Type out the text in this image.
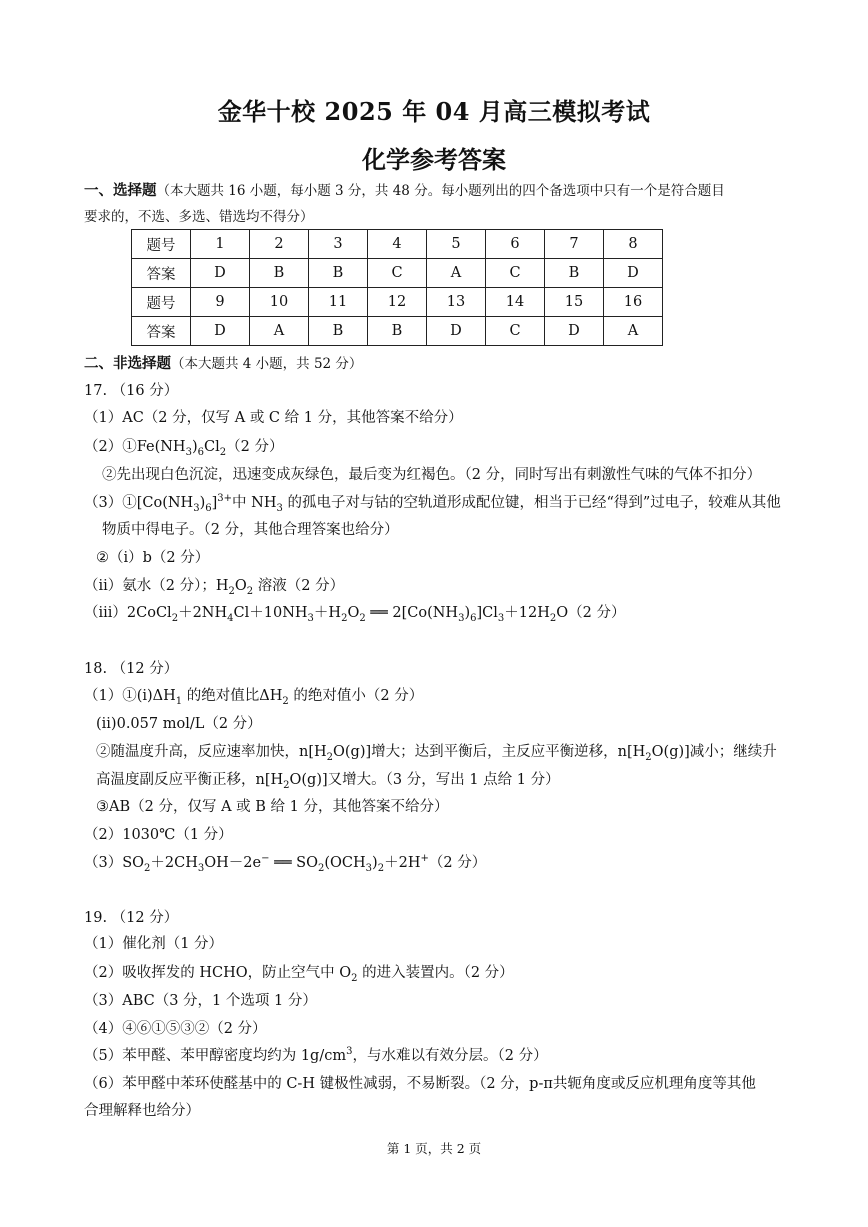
金华十校 2025 年 04 月高三模拟考试
化学参考答案
一、选择题（本大题共 16 小题，每小题 3 分，共 48 分。每小题列出的四个备选项中只有一个是符合题目
要求的，不选、多选、错选均不得分）
题号	1	2	3	4	5	6	7	8
答案	D	B	B	C	A	C	B	D
题号	9	10	11	12	13	14	15	16
答案	D	A	B	B	D	C	D	A
二、非选择题（本大题共 4 小题，共 52 分）
17. （16 分）
（1）AC（2 分，仅写 A 或 C 给 1 分，其他答案不给分）
$(2)①Fe(NH_3)_6Cl_2(2$ 分）
②先出现白色沉淀，迅速变成灰绿色，最后变为红褐色。（2 分，同时写出有刺激性气味的气体不扣分）
$(3)①[Co(NH_3)_6]^{3+}$中 $NH_3$ 的孤电子对与钴的空轨道形成配位键，相当于已经“得到”过电子，较难从其他
物质中得电子。（2 分，其他合理答案也给分）
②（i）b（2 分）
（ii）氨水（2 分）；$H_2O_2$ 溶液（2 分）
$(iii)2CoCl_2+2NH_4Cl+10NH_3+H_2O_2$ ══ $2[Co(NH_3)_6]Cl_3+12H_2O(2$ 分）
18. （12 分）
$(1)①(i)\Delta H_1$ 的绝对值比$\Delta H_2$ 的绝对值小（2 分）
(ii)0.057 mol/L（2 分）
②随温度升高，反应速率加快，$n[H_2O(g)]$增大；达到平衡后，主反应平衡逆移，$n[H_2O(g)]$减小；继续升
高温度副反应平衡正移，$n[H_2O(g)]$又增大。（3 分，写出 1 点给 1 分）
③AB（2 分，仅写 A 或 B 给 1 分，其他答案不给分）
（2）1030℃（1 分）
$(3)SO_2+2CH_3OH-2e^-$ ══ $SO_2(OCH_3)_2+2H^+(2$ 分）
19. （12 分）
（1）催化剂（1 分）
（2）吸收挥发的 HCHO，防止空气中 $O_2$ 的进入装置内。（2 分）
（3）ABC（3 分，1 个选项 1 分）
（4）④⑥①⑤③②（2 分）
（5）苯甲醛、苯甲醇密度均约为 $1g/cm^3$，与水难以有效分层。（2 分）
（6）苯甲醛中苯环使醛基中的 C-H 键极性减弱，不易断裂。（2 分，p-π共轭角度或反应机理角度等其他
合理解释也给分）
第 1 页，共 2 页
